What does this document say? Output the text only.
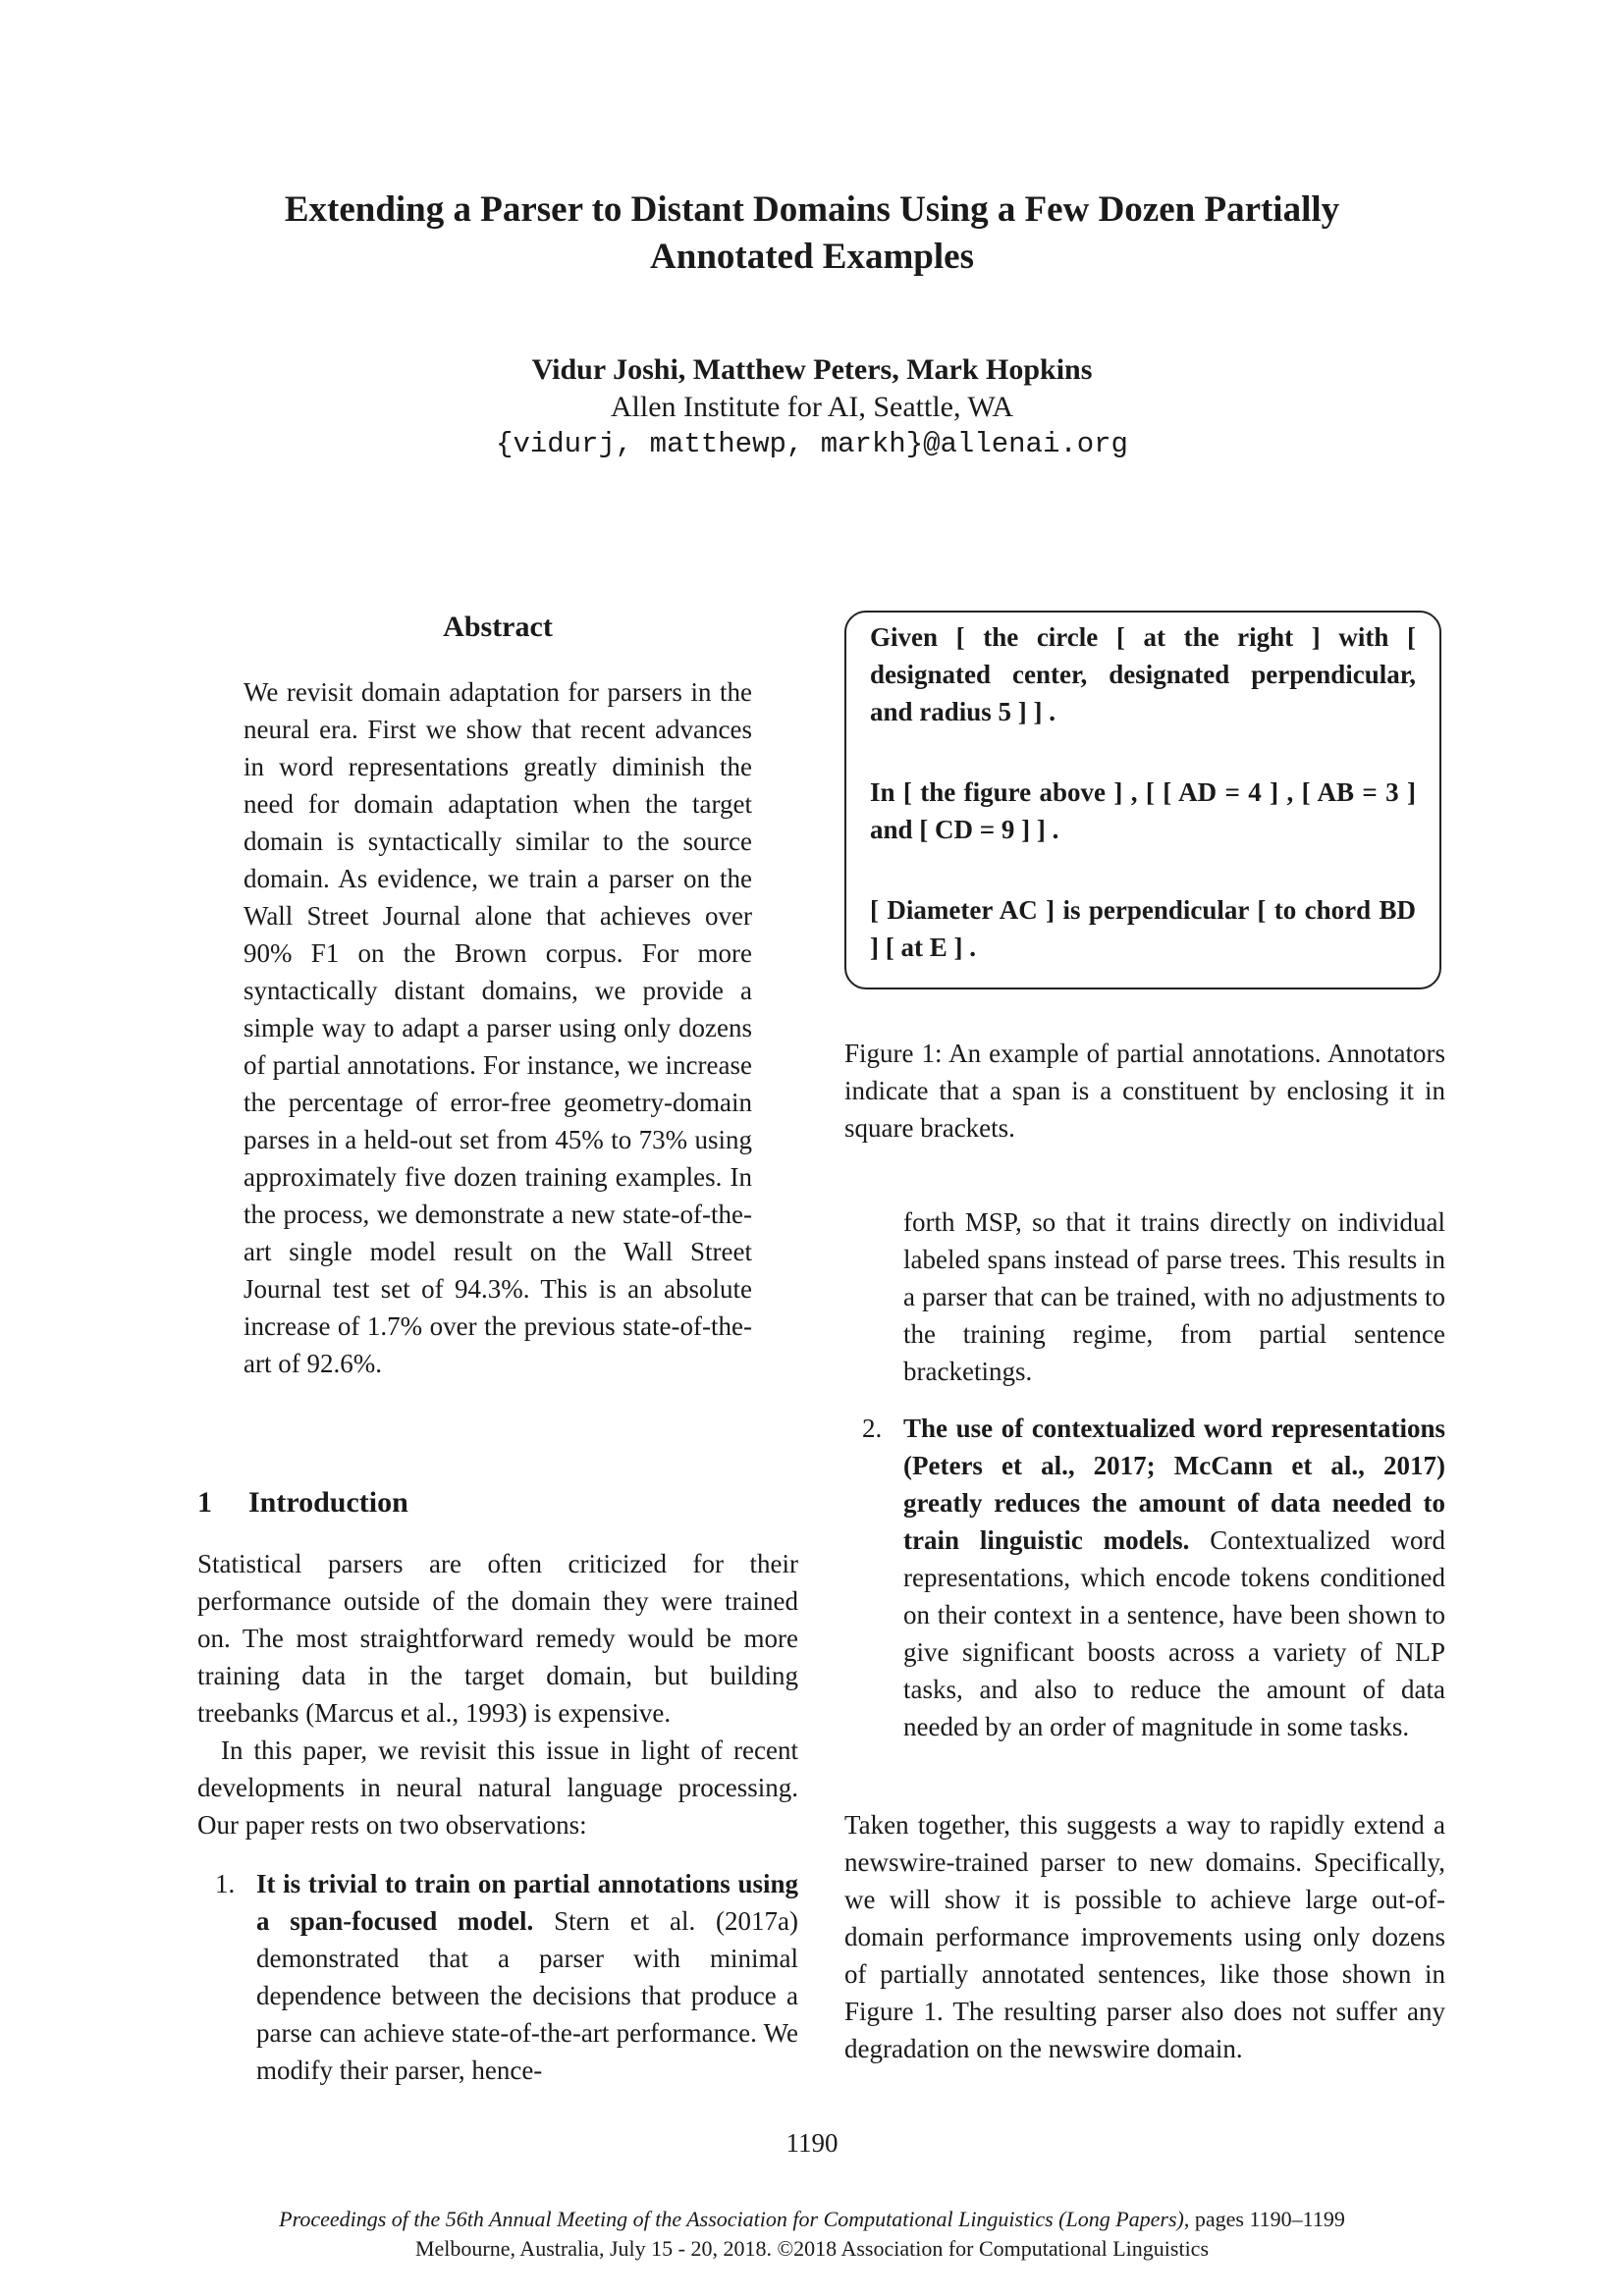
Extending a Parser to Distant Domains Using a Few Dozen Partially
Annotated Examples
Vidur Joshi, Matthew Peters, Mark Hopkins
Allen Institute for AI, Seattle, WA
{vidurj, matthewp, markh}@allenai.org
Abstract
We revisit domain adaptation for parsers in the neural era. First we show that recent advances in word representations greatly diminish the need for domain adaptation when the target domain is syntactically similar to the source domain. As evidence, we train a parser on the Wall Street Journal alone that achieves over 90% F1 on the Brown corpus. For more syntactically distant domains, we provide a simple way to adapt a parser using only dozens of partial annotations. For instance, we increase the percentage of error-free geometry-domain parses in a held-out set from 45% to 73% using approximately five dozen training examples. In the process, we demonstrate a new state-of-the-art single model result on the Wall Street Journal test set of 94.3%. This is an absolute increase of 1.7% over the previous state-of-the-art of 92.6%.
1 Introduction

Statistical parsers are often criticized for their performance outside of the domain they were trained on. The most straightforward remedy would be more training data in the target domain, but building treebanks (Marcus et al., 1993) is expensive.

In this paper, we revisit this issue in light of recent developments in neural natural language processing. Our paper rests on two observations:

1. It is trivial to train on partial annotations using a span-focused model. Stern et al. (2017a) demonstrated that a parser with minimal dependence between the decisions that produce a parse can achieve state-of-the-art performance. We modify their parser, hence-

Given [ the circle [ at the right ] with [ designated center, designated perpendicular, and radius 5 ] ] .

In [ the figure above ] , [ [ AD = 4 ] , [ AB = 3 ] and [ CD = 9 ] ] .

[ Diameter AC ] is perpendicular [ to chord BD ] [ at E ] .

Figure 1: An example of partial annotations. Annotators indicate that a span is a constituent by enclosing it in square brackets.
forth MSP, so that it trains directly on individual labeled spans instead of parse trees. This results in a parser that can be trained, with no adjustments to the training regime, from partial sentence bracketings.
2. The use of contextualized word representations (Peters et al., 2017; McCann et al., 2017) greatly reduces the amount of data needed to train linguistic models. Contextualized word representations, which encode tokens conditioned on their context in a sentence, have been shown to give significant boosts across a variety of NLP tasks, and also to reduce the amount of data needed by an order of magnitude in some tasks.
Taken together, this suggests a way to rapidly extend a newswire-trained parser to new domains. Specifically, we will show it is possible to achieve large out-of-domain performance improvements using only dozens of partially annotated sentences, like those shown in Figure 1. The resulting parser also does not suffer any degradation on the newswire domain.
1190
Proceedings of the 56th Annual Meeting of the Association for Computational Linguistics (Long Papers), pages 1190–1199
Melbourne, Australia, July 15 - 20, 2018. ©2018 Association for Computational Linguistics
